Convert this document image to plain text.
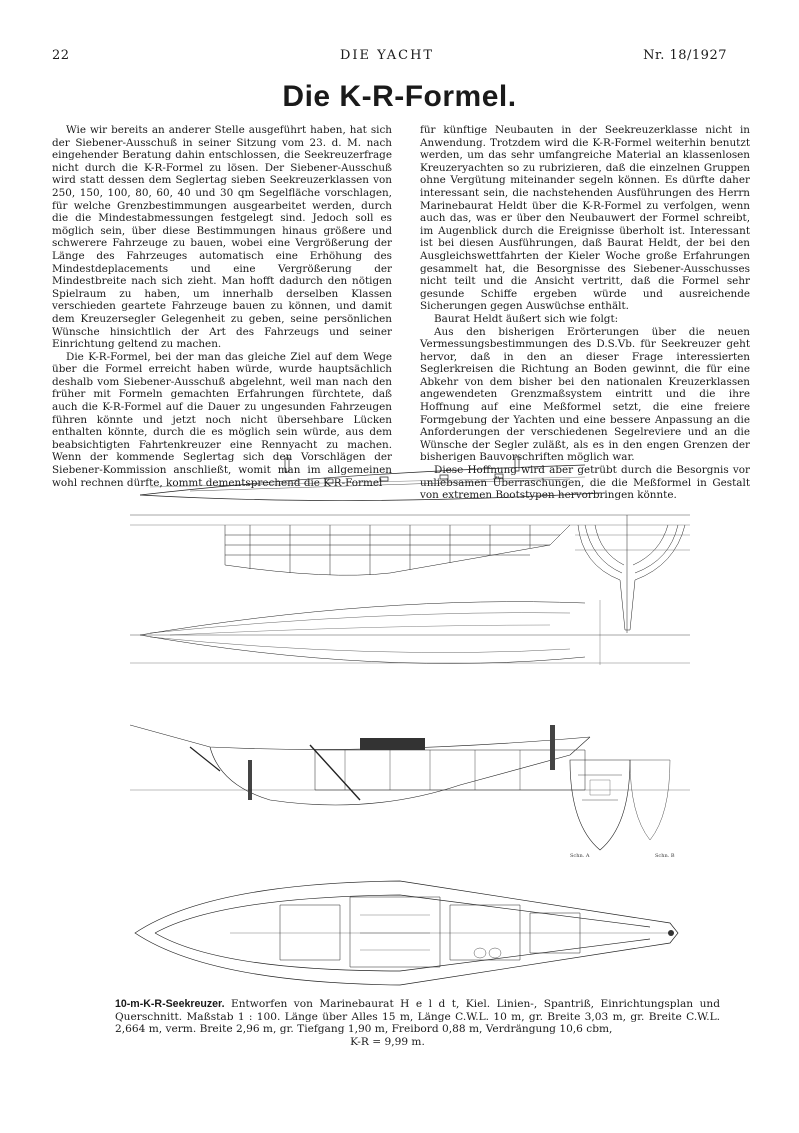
22	DIE YACHT	Nr. 18/1927
Die K-R-Formel.

Wie wir bereits an anderer Stelle ausgeführt haben, hat sich der Siebener-Ausschuß in seiner Sitzung vom 23. d. M. nach eingehender Beratung dahin entschlossen, die Seekreuzerfrage nicht durch die K-R-Formel zu lösen. Der Siebener-Ausschuß wird statt dessen dem Seglertag sieben Seekreuzerklassen von 250, 150, 100, 80, 60, 40 und 30 qm Segelfläche vorschlagen, für welche Grenzbestimmungen ausgearbeitet werden, durch die die Mindestabmessungen festgelegt sind. Jedoch soll es möglich sein, über diese Bestimmungen hinaus größere und schwerere Fahrzeuge zu bauen, wobei eine Vergrößerung der Länge des Fahrzeuges automatisch eine Erhöhung des Mindestdeplacements und eine Vergrößerung der Mindestbreite nach sich zieht. Man hofft dadurch den nötigen Spielraum zu haben, um innerhalb derselben Klassen verschieden geartete Fahrzeuge bauen zu können, und damit dem Kreuzersegler Gelegenheit zu geben, seine persönlichen Wünsche hinsichtlich der Art des Fahrzeugs und seiner Einrichtung geltend zu machen.

Die K-R-Formel, bei der man das gleiche Ziel auf dem Wege über die Formel erreicht haben würde, wurde hauptsächlich deshalb vom Siebener-Ausschuß abgelehnt, weil man nach den früher mit Formeln gemachten Erfahrungen fürchtete, daß auch die K-R-Formel auf die Dauer zu ungesunden Fahrzeugen führen könnte und jetzt noch nicht übersehbare Lücken enthalten könnte, durch die es möglich sein würde, aus dem beabsichtigten Fahrtenkreuzer eine Rennyacht zu machen. Wenn der kommende Seglertag sich den Vorschlägen der Siebener-Kommission anschließt, womit man im allgemeinen wohl rechnen dürfte, kommt dementsprechend die K-R-Formel

für künftige Neubauten in der Seekreuzerklasse nicht in Anwendung. Trotzdem wird die K-R-Formel weiterhin benutzt werden, um das sehr umfangreiche Material an klassenlosen Kreuzeryachten so zu rubrizieren, daß die einzelnen Gruppen ohne Vergütung miteinander segeln können. Es dürfte daher interessant sein, die nachstehenden Ausführungen des Herrn Marinebaurat Heldt über die K-R-Formel zu verfolgen, wenn auch das, was er über den Neubauwert der Formel schreibt, im Augenblick durch die Ereignisse überholt ist. Interessant ist bei diesen Ausführungen, daß Baurat Heldt, der bei den Ausgleichswettfahrten der Kieler Woche große Erfahrungen gesammelt hat, die Besorgnisse des Siebener-Ausschusses nicht teilt und die Ansicht vertritt, daß die Formel sehr gesunde Schiffe ergeben würde und ausreichende Sicherungen gegen Auswüchse enthält.

Baurat Heldt äußert sich wie folgt:

Aus den bisherigen Erörterungen über die neuen Vermessungsbestimmungen des D.S.Vb. für Seekreuzer geht hervor, daß in den an dieser Frage interessierten Seglerkreisen die Richtung an Boden gewinnt, die für eine Abkehr von dem bisher bei den nationalen Kreuzerklassen angewendeten Grenzmaßsystem eintritt und die ihre Hoffnung auf eine Meßformel setzt, die eine freiere Formgebung der Yachten und eine bessere Anpassung an die Anforderungen der verschiedenen Segelreviere und an die Wünsche der Segler zuläßt, als es in den engen Grenzen der bisherigen Bauvorschriften möglich war.

Diese Hoffnung wird aber getrübt durch die Besorgnis vor unliebsamen Überraschungen, die die Meßformel in Gestalt von extremen Bootstypen hervorbringen könnte.

Schn. A	Schn. B
10-m-K-R-Seekreuzer. Entworfen von Marinebaurat H e l d t, Kiel. Linien-, Spantriß, Einrichtungsplan und Querschnitt. Maßstab 1 : 100. Länge über Alles 15 m, Länge C.W.L. 10 m, gr. Breite 3,03 m, gr. Breite C.W.L. 2,664 m, verm. Breite 2,96 m, gr. Tiefgang 1,90 m, Freibord 0,88 m, Verdrängung 10,6 cbm,
K-R = 9,99 m.
